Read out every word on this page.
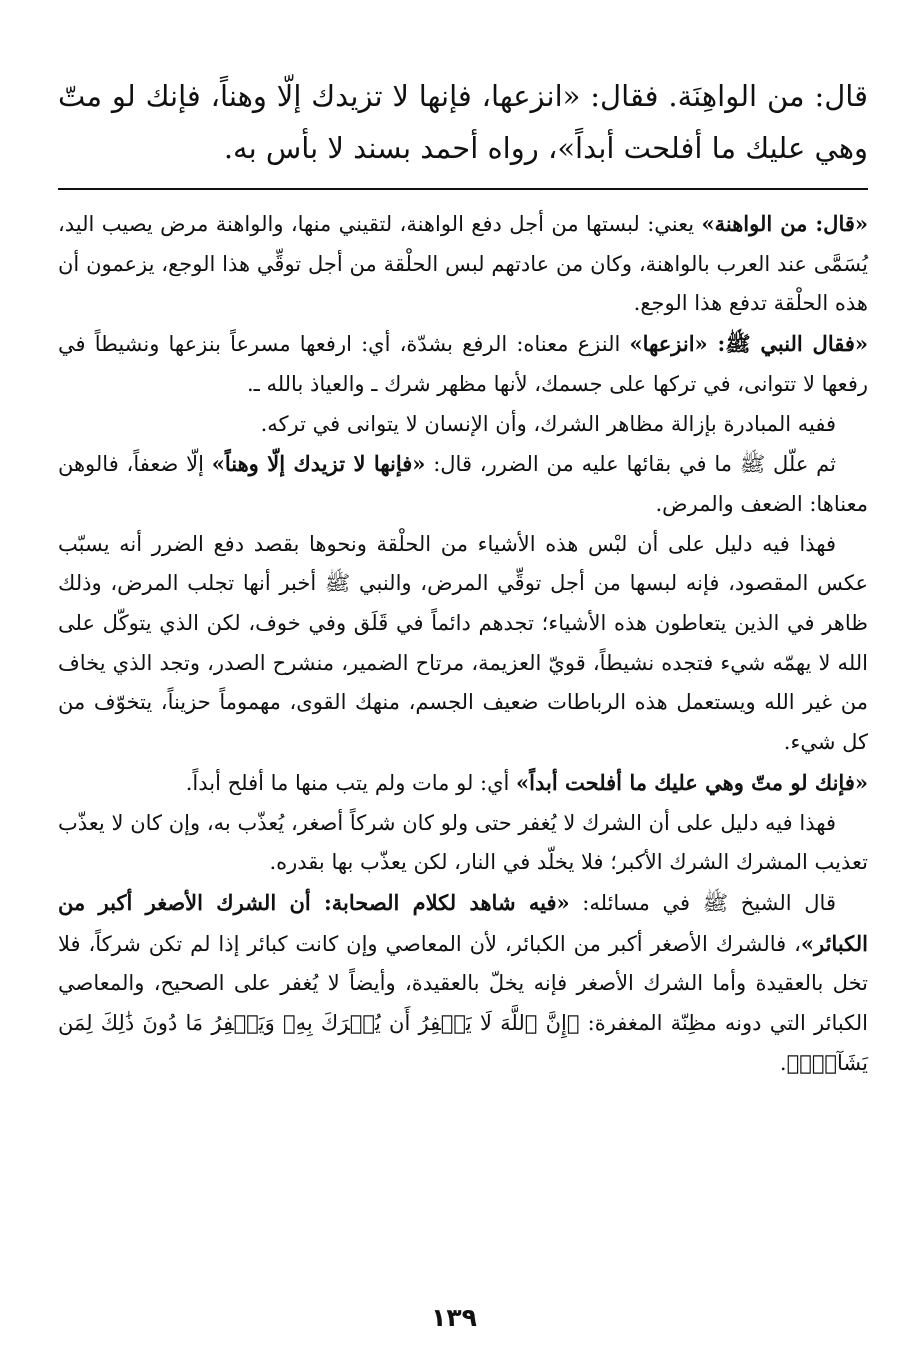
قال: من الواهِنَة. فقال: «انزعها، فإنها لا تزيدك إلّا وهناً، فإنك لو متّ وهي عليك ما أفلحت أبداً»، رواه أحمد بسند لا بأس به.

«قال: من الواهنة» يعني: لبستها من أجل دفع الواهنة، لتقيني منها، والواهنة مرض يصيب اليد، يُسَمَّى عند العرب بالواهنة، وكان من عادتهم لبس الحلْقة من أجل توقِّي هذا الوجع، يزعمون أن هذه الحلْقة تدفع هذا الوجع.

«فقال النبي ﷺ: «انزعها» النزع معناه: الرفع بشدّة، أي: ارفعها مسرعاً بنزعها ونشيطاً في رفعها لا تتوانى، في تركها على جسمك، لأنها مظهر شرك ـ والعياذ بالله ـ.

ففيه المبادرة بإزالة مظاهر الشرك، وأن الإنسان لا يتوانى في تركه.

ثم علّل ﷺ ما في بقائها عليه من الضرر، قال: «فإنها لا تزيدك إلّا وهناً» إلّا ضعفاً، فالوهن معناها: الضعف والمرض.

فهذا فيه دليل على أن لبْس هذه الأشياء من الحلْقة ونحوها بقصد دفع الضرر أنه يسبّب عكس المقصود، فإنه لبسها من أجل توقِّي المرض، والنبي ﷺ أخبر أنها تجلب المرض، وذلك ظاهر في الذين يتعاطون هذه الأشياء؛ تجدهم دائماً في قَلَق وفي خوف، لكن الذي يتوكّل على الله لا يهمّه شيء فتجده نشيطاً، قويّ العزيمة، مرتاح الضمير، منشرح الصدر، وتجد الذي يخاف من غير الله ويستعمل هذه الرباطات ضعيف الجسم، منهك القوى، مهموماً حزيناً، يتخوّف من كل شيء.

«فإنك لو متّ وهي عليك ما أفلحت أبداً» أي: لو مات ولم يتب منها ما أفلح أبداً.

فهذا فيه دليل على أن الشرك لا يُغفر حتى ولو كان شركاً أصغر، يُعذّب به، وإن كان لا يعذّب تعذيب المشرك الشرك الأكبر؛ فلا يخلّد في النار، لكن يعذّب بها بقدره.

قال الشيخ ﷺ في مسائله: «فيه شاهد لكلام الصحابة: أن الشرك الأصغر أكبر من الكبائر»، فالشرك الأصغر أكبر من الكبائر، لأن المعاصي وإن كانت كبائر إذا لم تكن شركاً، فلا تخل بالعقيدة وأما الشرك الأصغر فإنه يخلّ بالعقيدة، وأيضاً لا يُغفر على الصحيح، والمعاصي الكبائر التي دونه مظِنّة المغفرة: ﴿إِنَّ ٱللَّهَ لَا يَغۡفِرُ أَن يُشۡرَكَ بِهِۦ وَيَغۡفِرُ مَا دُونَ ذَٰلِكَ لِمَن يَشَآءُۚ﴾.

١٣٩
